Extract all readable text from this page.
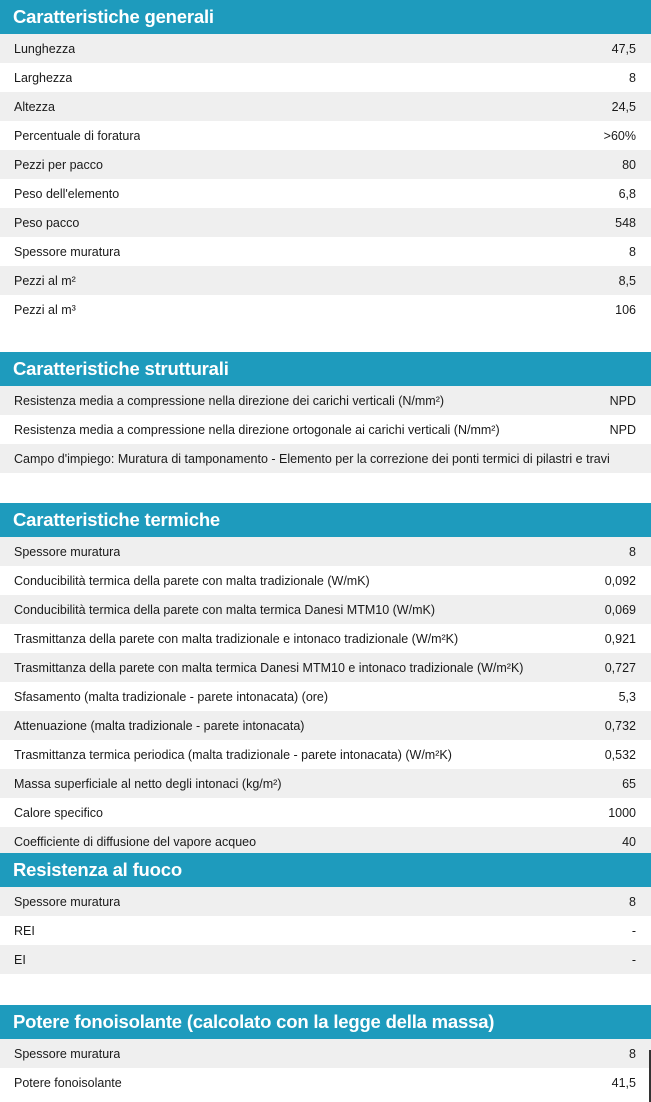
Caratteristiche generali
Lunghezza	47,5
Larghezza	8
Altezza	24,5
Percentuale di foratura	>60%
Pezzi per pacco	80
Peso dell'elemento	6,8
Peso pacco	548
Spessore muratura	8
Pezzi al m²	8,5
Pezzi al m³	106
Caratteristiche strutturali
Resistenza media a compressione nella direzione dei carichi verticali (N/mm²)	NPD
Resistenza media a compressione nella direzione ortogonale ai carichi verticali (N/mm²)	NPD
Campo d'impiego: Muratura di tamponamento - Elemento per la correzione dei ponti termici di pilastri e travi
Caratteristiche termiche
Spessore muratura	8
Conducibilità termica della parete con malta tradizionale (W/mK)	0,092
Conducibilità termica della parete con malta termica Danesi MTM10 (W/mK)	0,069
Trasmittanza della parete con malta tradizionale e intonaco tradizionale (W/m²K)	0,921
Trasmittanza della parete con malta termica Danesi MTM10 e intonaco tradizionale (W/m²K)	0,727
Sfasamento (malta tradizionale - parete intonacata) (ore)	5,3
Attenuazione (malta tradizionale - parete intonacata)	0,732
Trasmittanza termica periodica (malta tradizionale - parete intonacata) (W/m²K)	0,532
Massa superficiale al netto degli intonaci (kg/m²)	65
Calore specifico	1000
Coefficiente di diffusione del vapore acqueo	40
Resistenza al fuoco
Spessore muratura	8
REI	-
EI	-
Potere fonoisolante (calcolato con la legge della massa)
Spessore muratura	8
Potere fonoisolante	41,5
